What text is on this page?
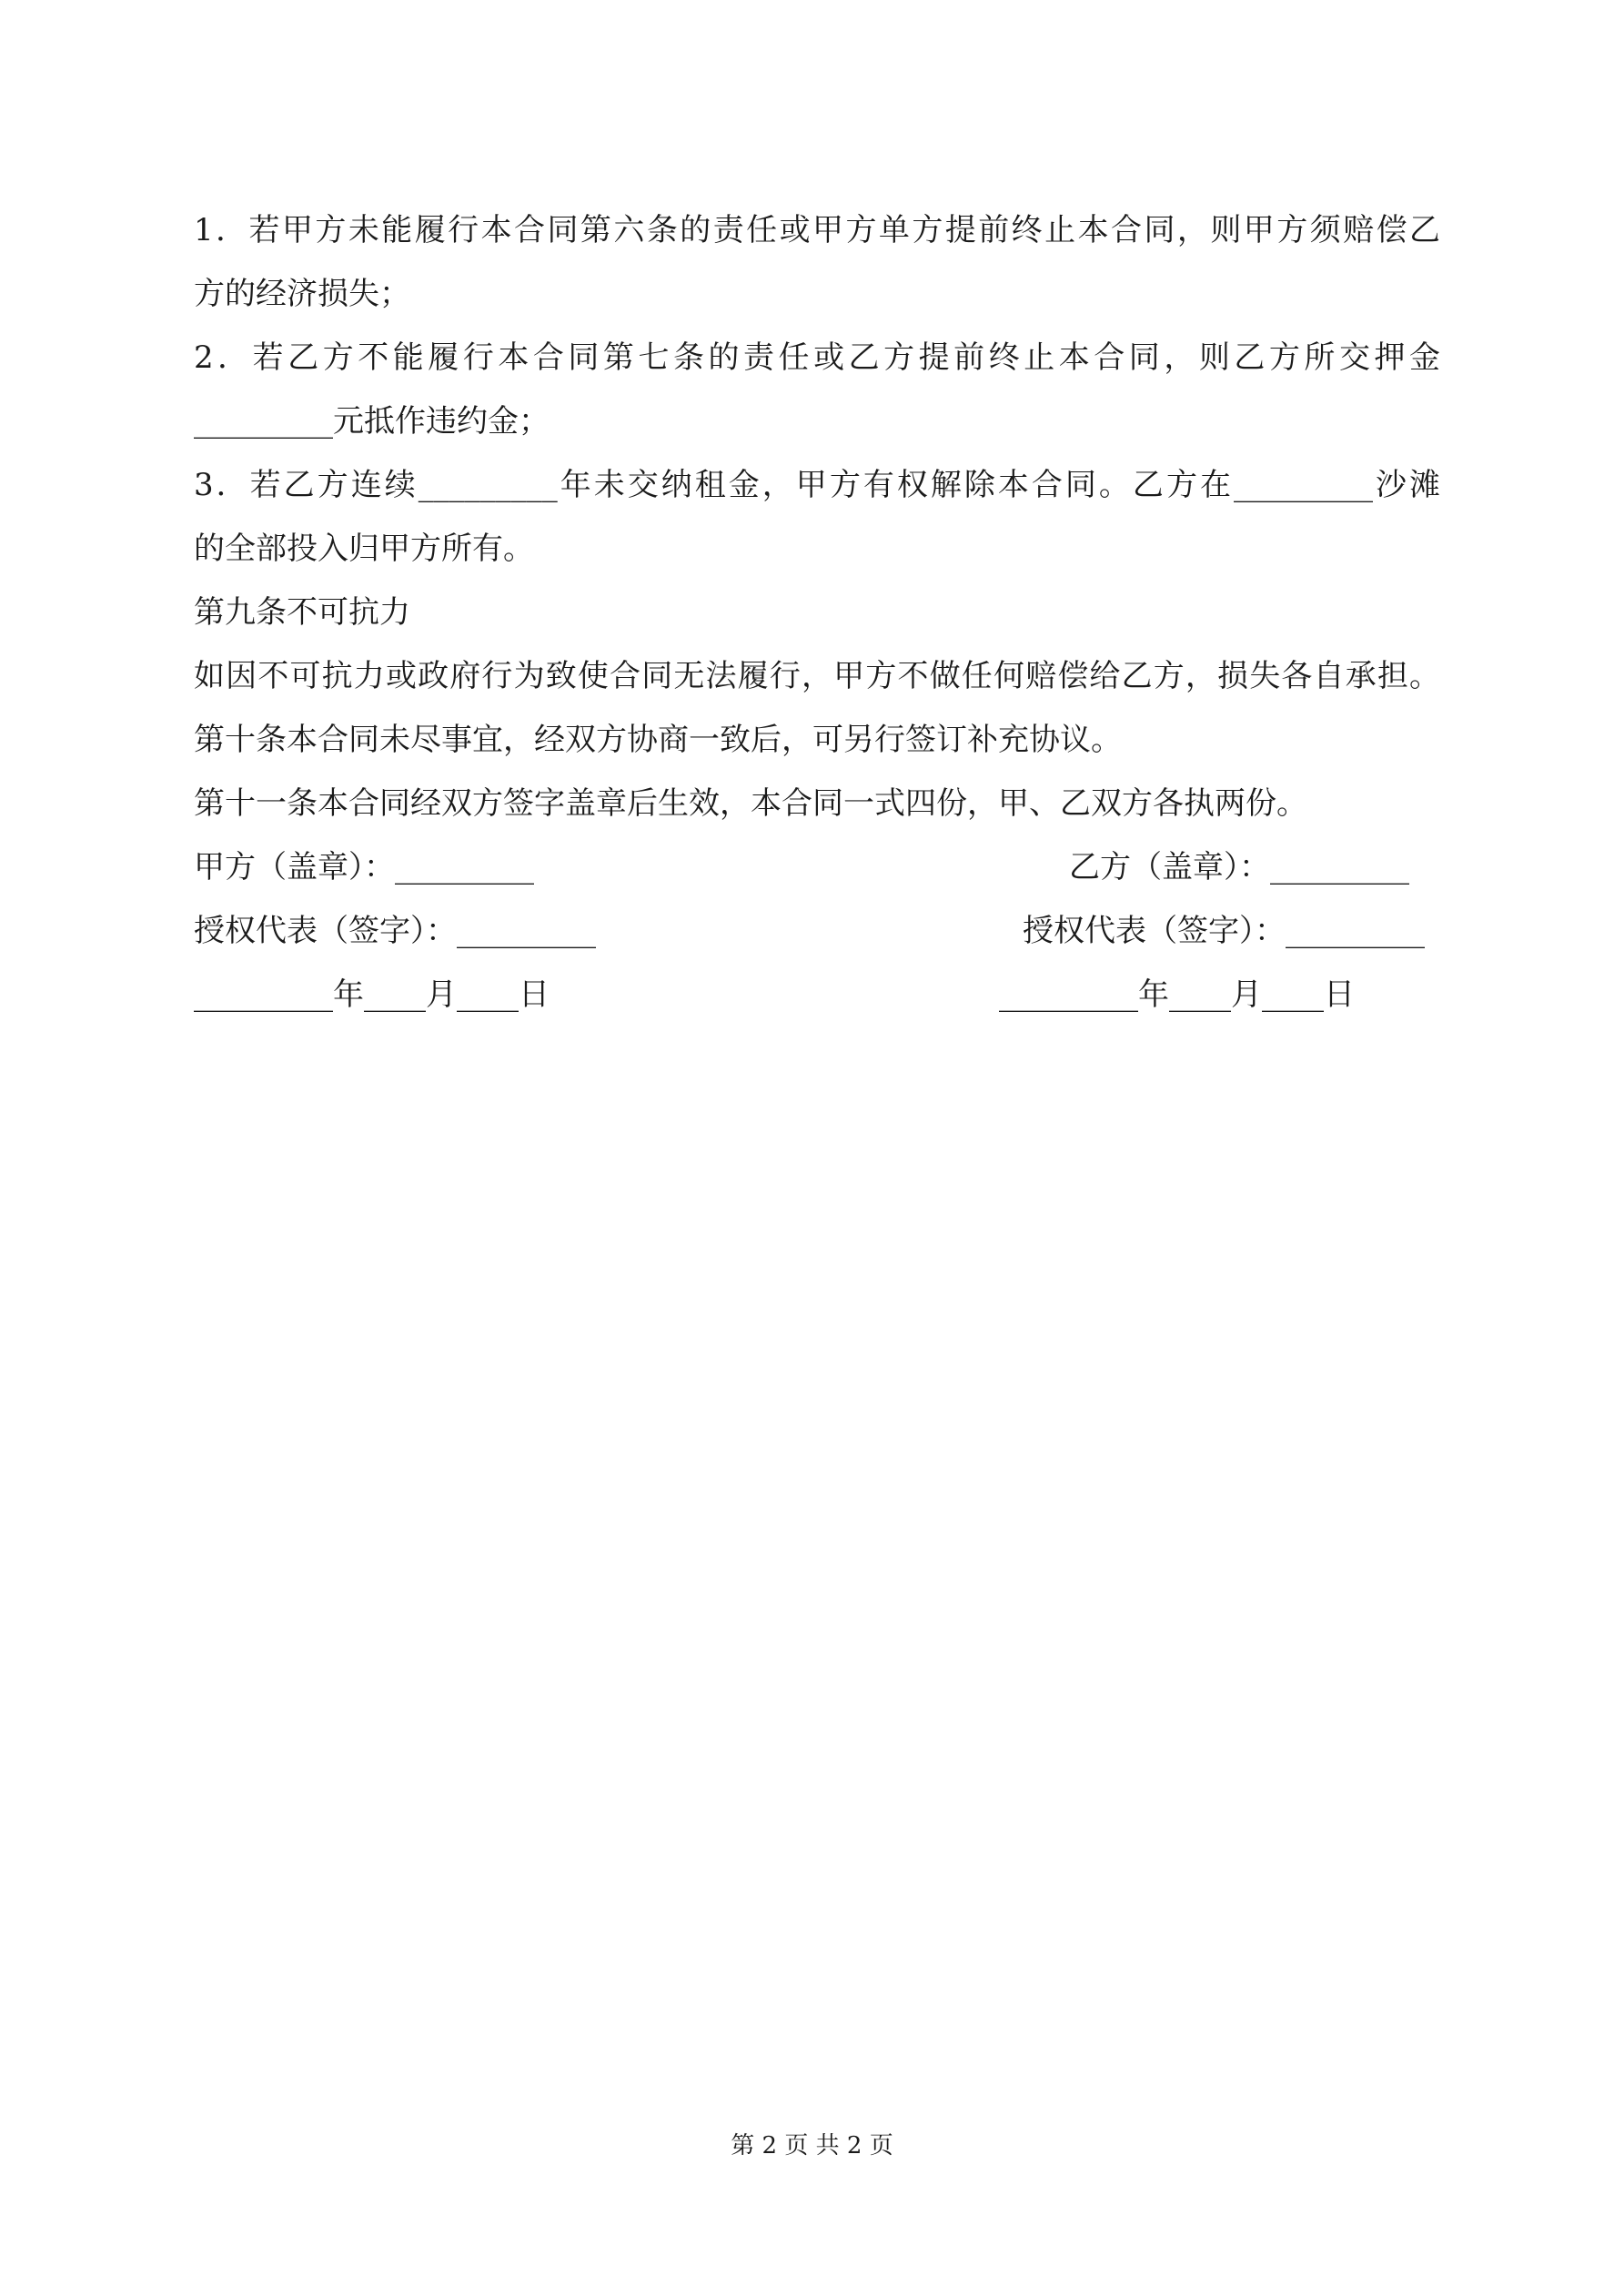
1．若甲方未能履行本合同第六条的责任或甲方单方提前终止本合同，则甲方须赔偿乙
方的经济损失；
2．若乙方不能履行本合同第七条的责任或乙方提前终止本合同，则乙方所交押金
_________元抵作违约金；
3．若乙方连续_________年未交纳租金，甲方有权解除本合同。乙方在_________沙滩
的全部投入归甲方所有。
第九条不可抗力
如因不可抗力或政府行为致使合同无法履行，甲方不做任何赔偿给乙方，损失各自承担。
第十条本合同未尽事宜，经双方协商一致后，可另行签订补充协议。
第十一条本合同经双方签字盖章后生效，本合同一式四份，甲、乙双方各执两份。
甲方（盖章）：_________	乙方（盖章）：_________
授权代表（签字）：_________	授权代表（签字）：_________
_________年____月____日	_________年____月____日
第 2 页 共 2 页
